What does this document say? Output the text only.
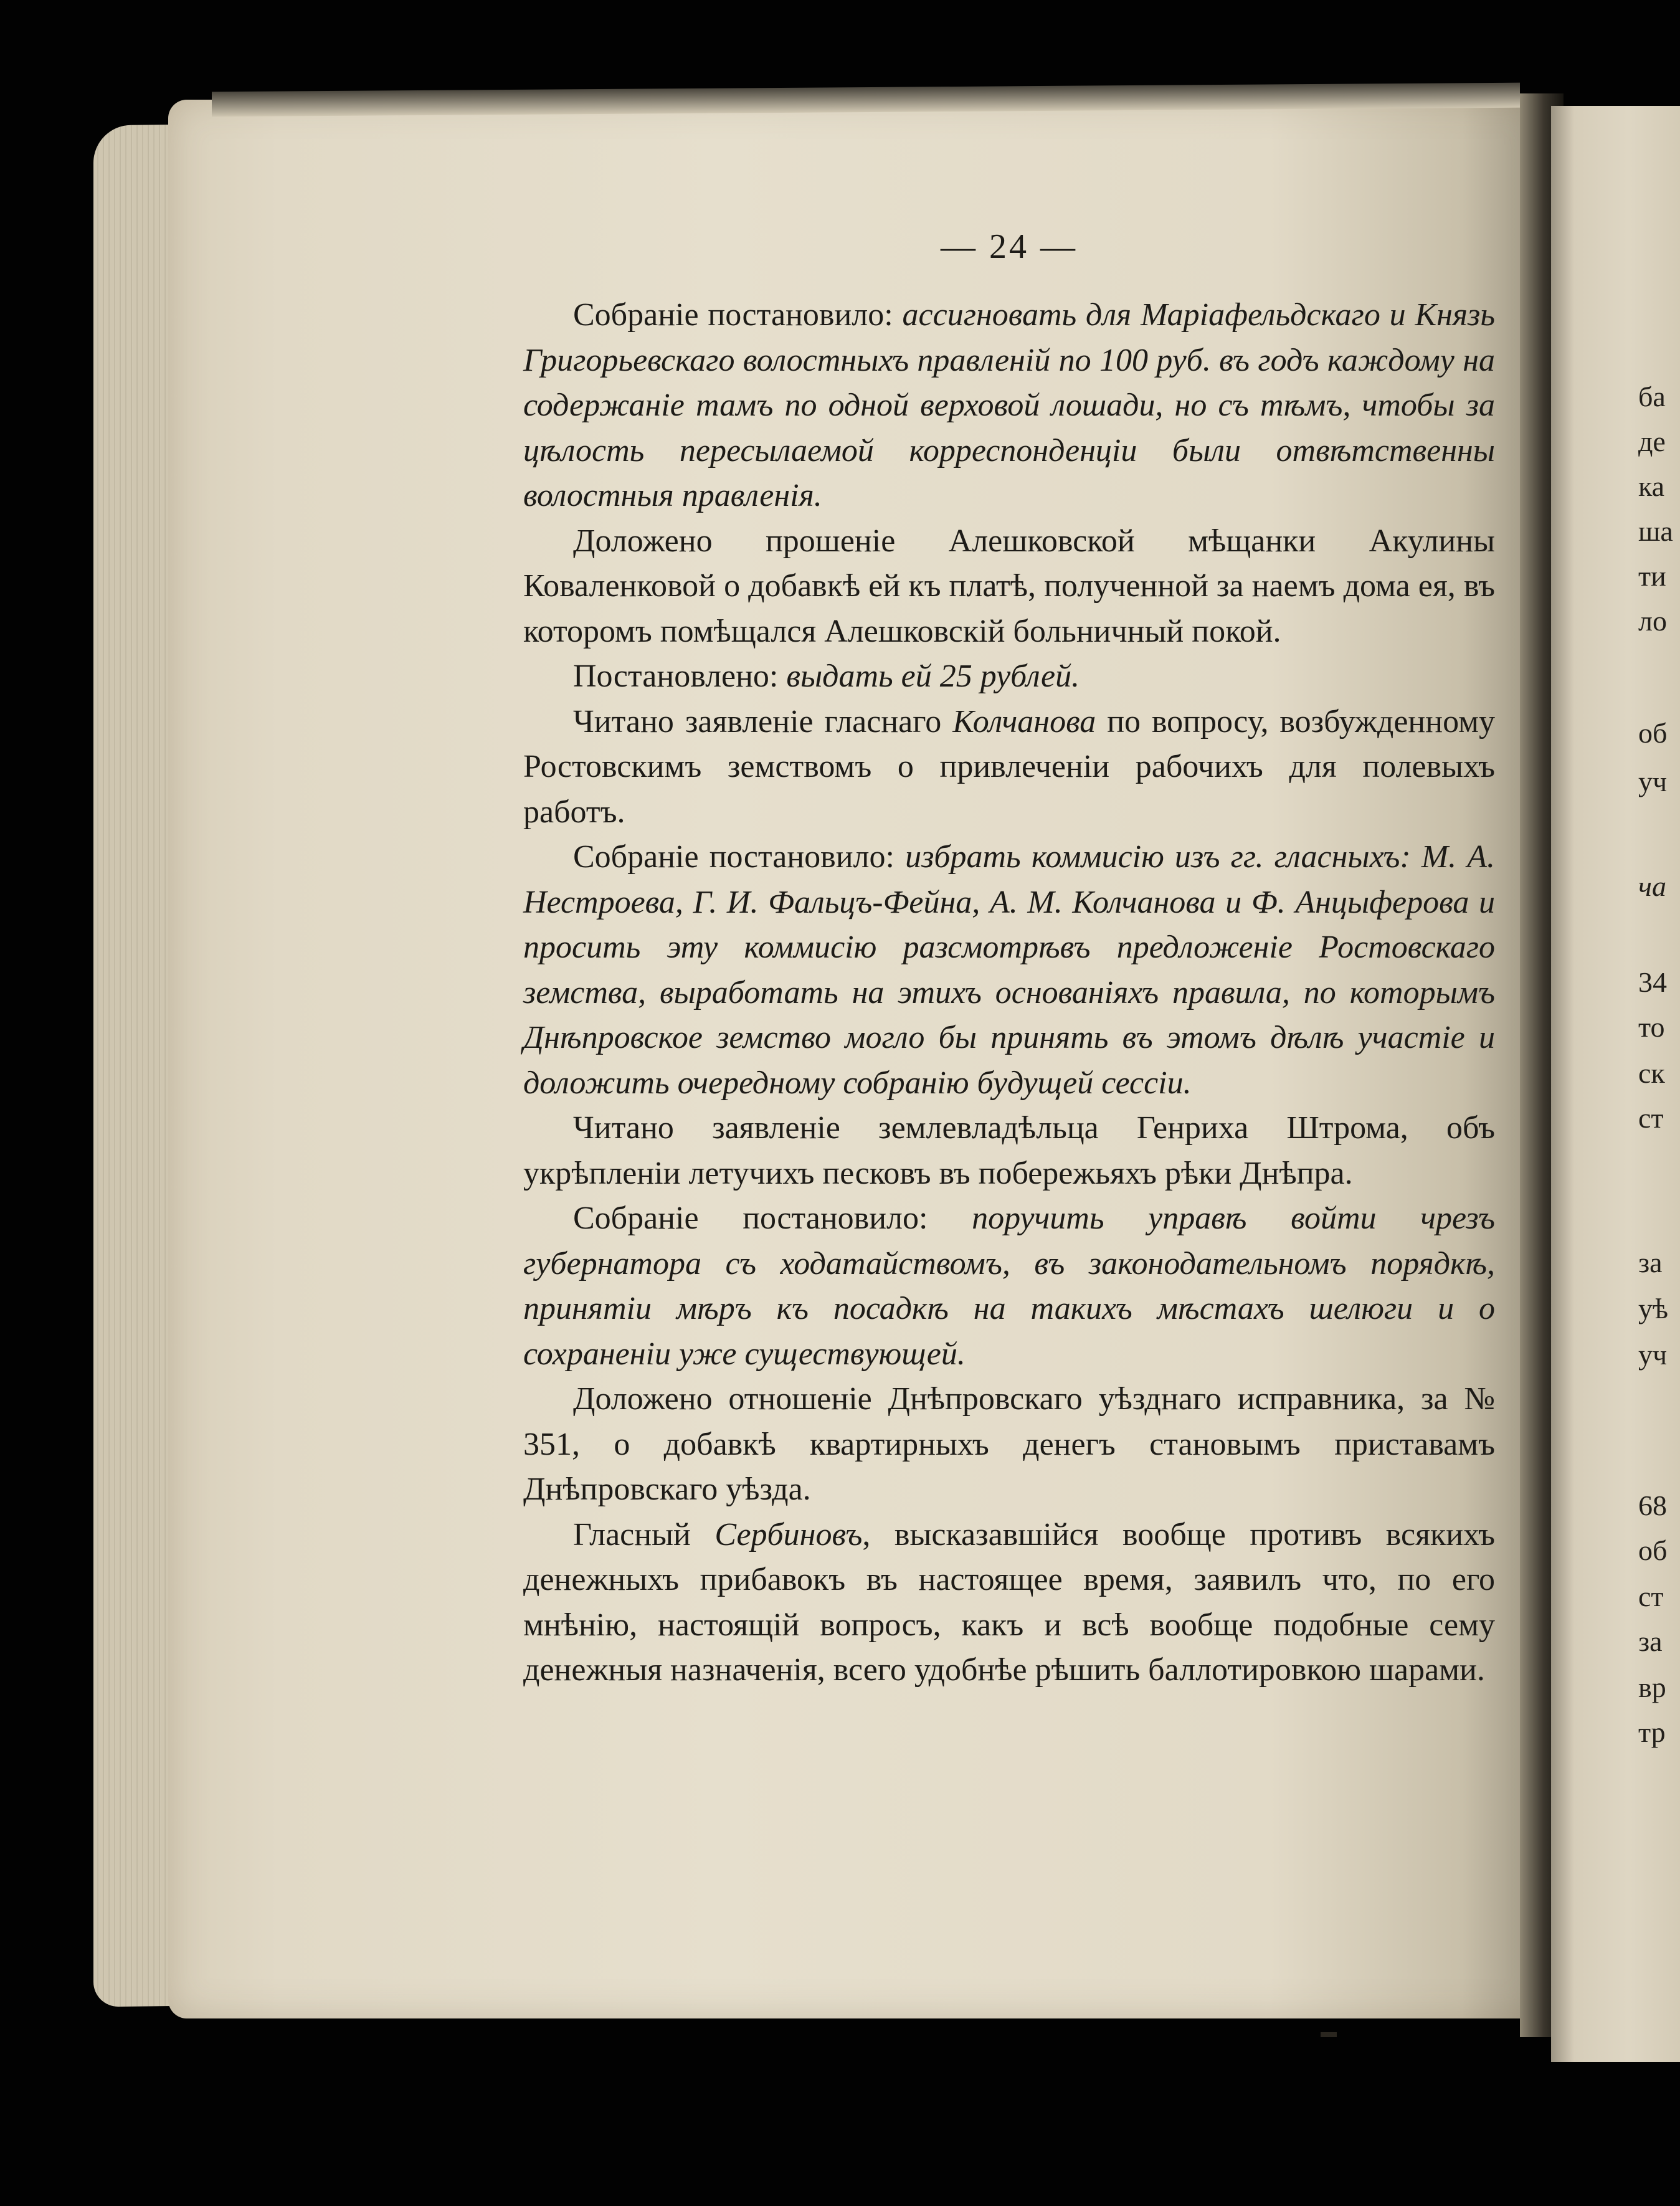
— 24 —

Собраніе постановило: ассигновать для Маріафельдскаго и Князь Григорьевскаго волостныхъ правленій по 100 руб. въ годъ каждому на содержаніе тамъ по одной верховой лошади, но съ тѣмъ, чтобы за цѣлость пересылаемой корреспонденціи были отвѣтственны волостныя правленія.

Доложено прошеніе Алешковской мѣщанки Акулины Коваленковой о добавкѣ ей къ платѣ, полученной за наемъ дома ея, въ которомъ помѣщался Алешковскій больничный покой.

Постановлено: выдать ей 25 рублей.

Читано заявленіе гласнаго Колчанова по вопросу, возбужденному Ростовскимъ земствомъ о привлеченіи рабочихъ для полевыхъ работъ.

Собраніе постановило: избрать коммисію изъ гг. гласныхъ: М. А. Нестроева, Г. И. Фальцъ-Фейна, А. М. Колчанова и Ф. Анцыферова и просить эту коммисію разсмотрѣвъ предложеніе Ростовскаго земства, выработать на этихъ основаніяхъ правила, по которымъ Днѣпровское земство могло бы принять въ этомъ дѣлѣ участіе и доложить очередному собранію будущей сессіи.

Читано заявленіе землевладѣльца Генриха Штрома, объ укрѣпленіи летучихъ песковъ въ побережьяхъ рѣки Днѣпра.

Собраніе постановило: поручить управѣ войти чрезъ губернатора съ ходатайствомъ, въ законодательномъ порядкѣ, принятіи мѣръ къ посадкѣ на такихъ мѣстахъ шелюги и о сохраненіи уже существующей.

Доложено отношеніе Днѣпровскаго уѣзднаго исправника, за № 351, о добавкѣ квартирныхъ денегъ становымъ приставамъ Днѣпровскаго уѣзда.

Гласный Сербиновъ, высказавшійся вообще противъ всякихъ денежныхъ прибавокъ въ настоящее время, заявилъ что, по его мнѣнію, настоящій вопросъ, какъ и всѣ вообще подобные сему денежныя назначенія, всего удобнѣе рѣшить баллотировкою шарами.

ба
де
ка
ша
ти
ло
об
уч
ча
34
то
ск
ст
за
уѣ
уч
68
об
ст
за
вр
тр
